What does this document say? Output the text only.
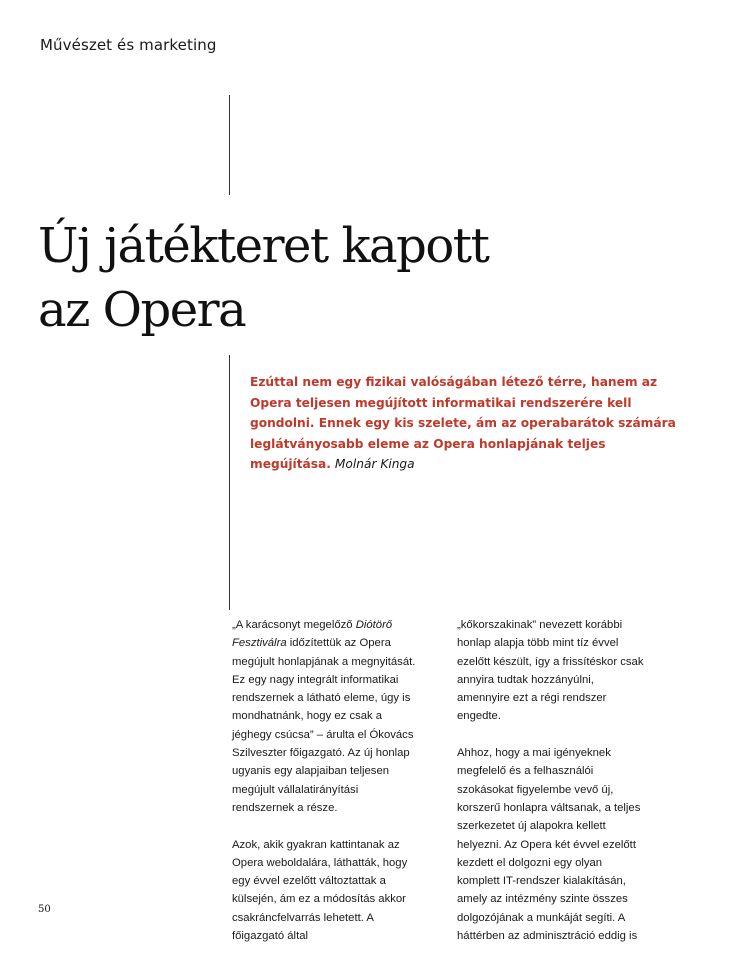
Művészet és marketing
Új játékteret kapott
az Opera

Ezúttal nem egy fizikai valóságában létező térre, hanem az Opera teljesen megújított informatikai rendszerére kell gondolni. Ennek egy kis szelete, ám az operabarátok számára leglátványosabb eleme az Opera honlapjának teljes megújítása. Molnár Kinga

„A karácsonyt megelőző Diótörő Fesztiválra időzítettük az Opera megújult honlapjának a megnyitását. Ez egy nagy integrált informatikai rendszernek a látható eleme, úgy is mondhatnánk, hogy ez csak a jéghegy csúcsa” – árulta el Ókovács Szilveszter főigazgató. Az új honlap ugyanis egy alapjaiban teljesen megújult vállalatirányítási rendszernek a része.

Azok, akik gyakran kattintanak az Opera weboldalára, láthatták, hogy egy évvel ezelőtt változtattak a külsején, ám ez a módosítás akkor csakráncfelvarrás lehetett. A főigazgató által

„kőkorszakinak” nevezett korábbi honlap alapja több mint tíz évvel ezelőtt készült, így a frissítéskor csak annyira tudtak hozzányúlni, amennyire ezt a régi rendszer engedte.

Ahhoz, hogy a mai igényeknek megfelelő és a felhasználói szokásokat figyelembe vevő új, korszerű honlapra váltsanak, a teljes szerkezetet új alapokra kellett helyezni. Az Opera két évvel ezelőtt kezdett el dolgozni egy olyan komplett IT-rendszer kialakításán, amely az intézmény szinte összes dolgozójának a munkáját segíti. A háttérben az adminisztráció eddig is

50
